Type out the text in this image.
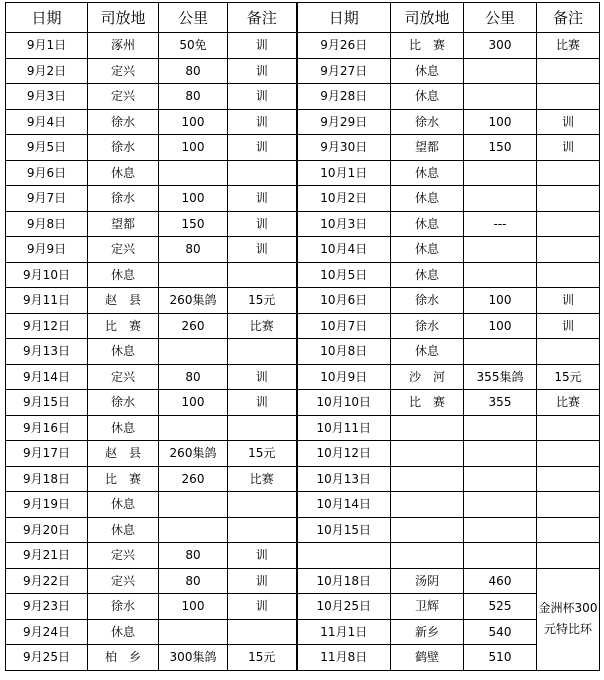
日期	司放地	公里	备注	日期	司放地	公里	备注
9月1日	涿州	50免	训	9月26日	比　赛	300	比赛
9月2日	定兴	80	训	9月27日	休息		
9月3日	定兴	80	训	9月28日	休息		
9月4日	徐水	100	训	9月29日	徐水	100	训
9月5日	徐水	100	训	9月30日	望都	150	训
9月6日	休息			10月1日	休息		
9月7日	徐水	100	训	10月2日	休息		
9月8日	望都	150	训	10月3日	休息	---	
9月9日	定兴	80	训	10月4日	休息		
9月10日	休息			10月5日	休息		
9月11日	赵　县	260集鸽	15元	10月6日	徐水	100	训
9月12日	比　赛	260	比赛	10月7日	徐水	100	训
9月13日	休息			10月8日	休息		
9月14日	定兴	80	训	10月9日	沙　河	355集鸽	15元
9月15日	徐水	100	训	10月10日	比　赛	355	比赛
9月16日	休息			10月11日			
9月17日	赵　县	260集鸽	15元	10月12日			
9月18日	比　赛	260	比赛	10月13日			
9月19日	休息			10月14日			
9月20日	休息			10月15日			
9月21日	定兴	80	训				
9月22日	定兴	80	训	10月18日	汤阴	460	金洲杯300元特比环
9月23日	徐水	100	训	10月25日	卫辉	525	
9月24日	休息			11月1日	新乡	540	
9月25日	柏　乡	300集鸽	15元	11月8日	鹤壁	510	
